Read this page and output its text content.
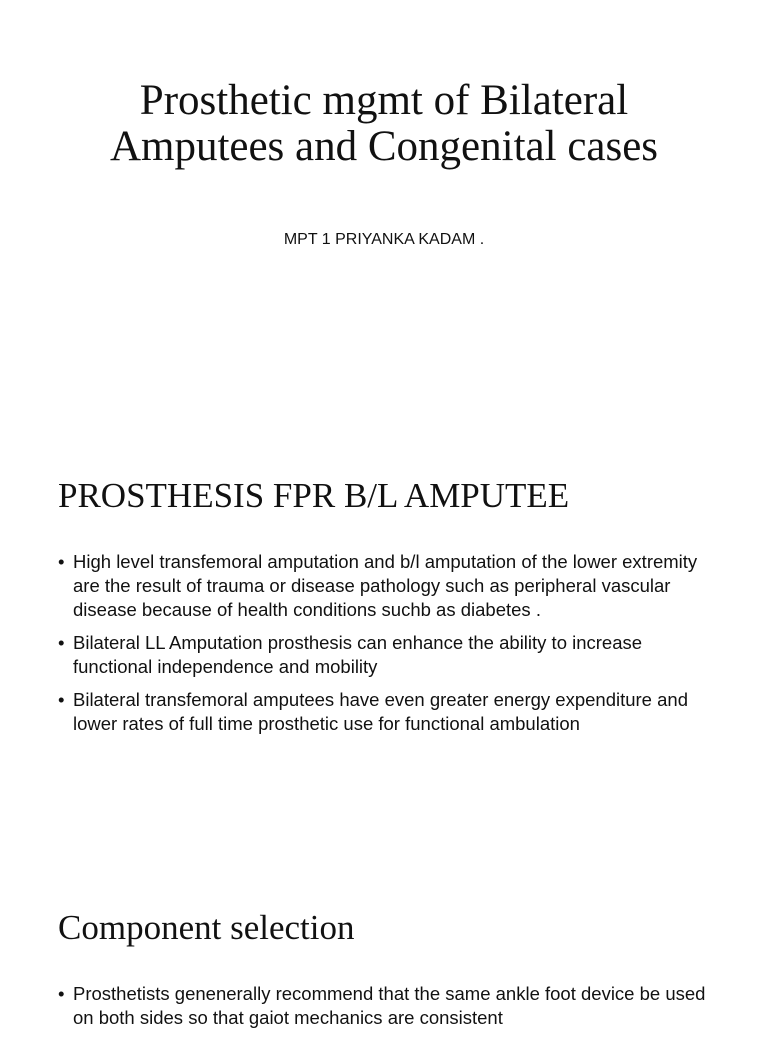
Prosthetic mgmt of Bilateral Amputees and Congenital cases

MPT 1 PRIYANKA KADAM .

PROSTHESIS FPR B/L AMPUTEE
• High level transfemoral amputation and b/l amputation of the lower extremity are the result of trauma or disease pathology such as peripheral vascular disease because of health conditions suchb as diabetes .
• Bilateral LL Amputation prosthesis can enhance the ability to increase functional independence and mobility
• Bilateral transfemoral amputees have even greater energy expenditure and lower rates of full time prosthetic use for functional ambulation
Component selection
• Prosthetists genenerally recommend that the same ankle foot device be used on both sides so that gaiot mechanics are consistent
